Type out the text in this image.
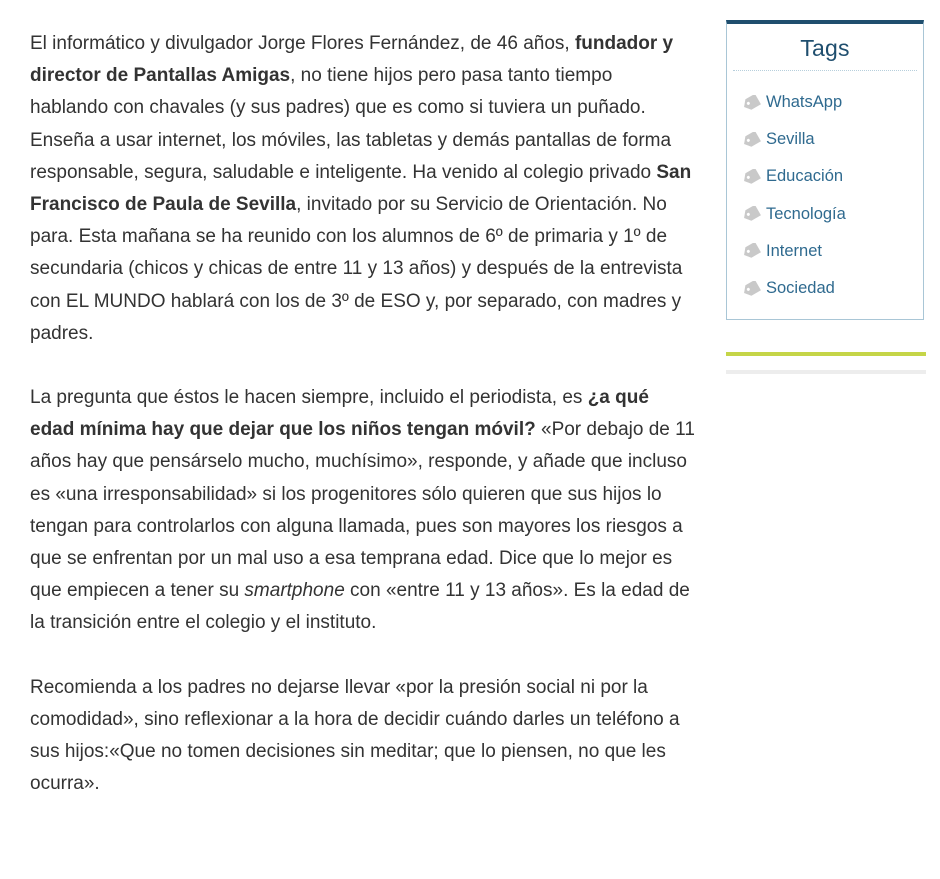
El informático y divulgador Jorge Flores Fernández, de 46 años, fundador y director de Pantallas Amigas, no tiene hijos pero pasa tanto tiempo hablando con chavales (y sus padres) que es como si tuviera un puñado. Enseña a usar internet, los móviles, las tabletas y demás pantallas de forma responsable, segura, saludable e inteligente. Ha venido al colegio privado San Francisco de Paula de Sevilla, invitado por su Servicio de Orientación. No para. Esta mañana se ha reunido con los alumnos de 6º de primaria y 1º de secundaria (chicos y chicas de entre 11 y 13 años) y después de la entrevista con EL MUNDO hablará con los de 3º de ESO y, por separado, con madres y padres.

La pregunta que éstos le hacen siempre, incluido el periodista, es ¿a qué edad mínima hay que dejar que los niños tengan móvil? «Por debajo de 11 años hay que pensárselo mucho, muchísimo», responde, y añade que incluso es «una irresponsabilidad» si los progenitores sólo quieren que sus hijos lo tengan para controlarlos con alguna llamada, pues son mayores los riesgos a que se enfrentan por un mal uso a esa temprana edad. Dice que lo mejor es que empiecen a tener su smartphone con «entre 11 y 13 años». Es la edad de la transición entre el colegio y el instituto.

Recomienda a los padres no dejarse llevar «por la presión social ni por la comodidad», sino reflexionar a la hora de decidir cuándo darles un teléfono a sus hijos:«Que no tomen decisiones sin meditar; que lo piensen, no que les ocurra».

Tags
WhatsApp
Sevilla
Educación
Tecnología
Internet
Sociedad
